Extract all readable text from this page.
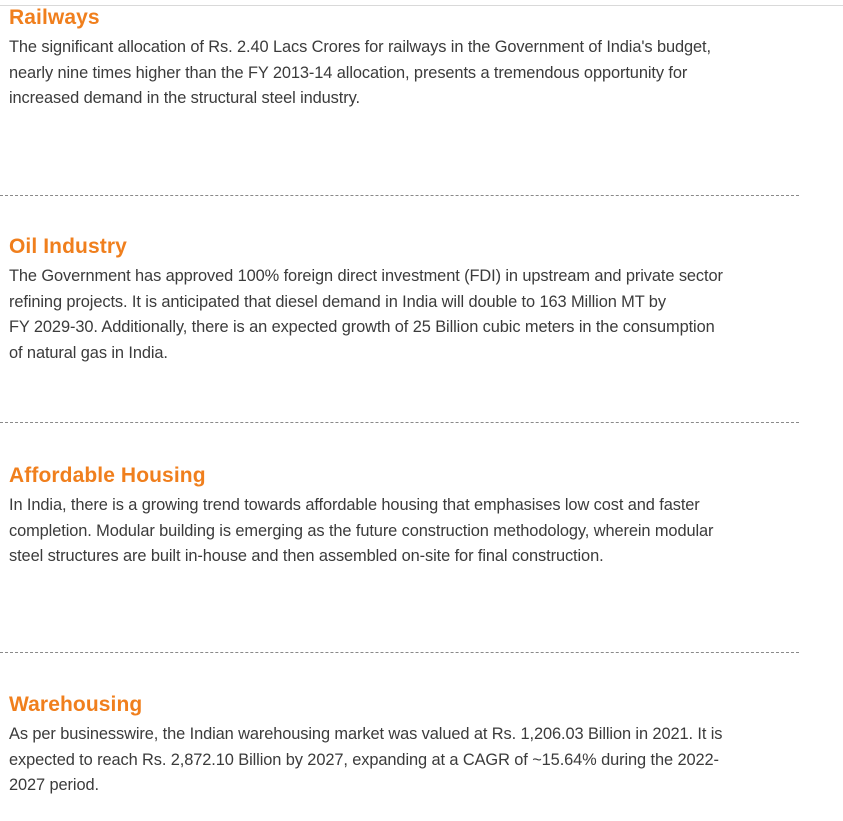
Railways

The significant allocation of Rs. 2.40 Lacs Crores for railways in the Government of India's budget,
nearly nine times higher than the FY 2013-14 allocation, presents a tremendous opportunity for
increased demand in the structural steel industry.

Oil Industry

The Government has approved 100% foreign direct investment (FDI) in upstream and private sector
refining projects. It is anticipated that diesel demand in India will double to 163 Million MT by
FY 2029-30. Additionally, there is an expected growth of 25 Billion cubic meters in the consumption
of natural gas in India.

Affordable Housing

In India, there is a growing trend towards affordable housing that emphasises low cost and faster
completion. Modular building is emerging as the future construction methodology, wherein modular
steel structures are built in-house and then assembled on-site for final construction.

Warehousing

As per businesswire, the Indian warehousing market was valued at Rs. 1,206.03 Billion in 2021. It is
expected to reach Rs. 2,872.10 Billion by 2027, expanding at a CAGR of ~15.64% during the 2022-
2027 period.
